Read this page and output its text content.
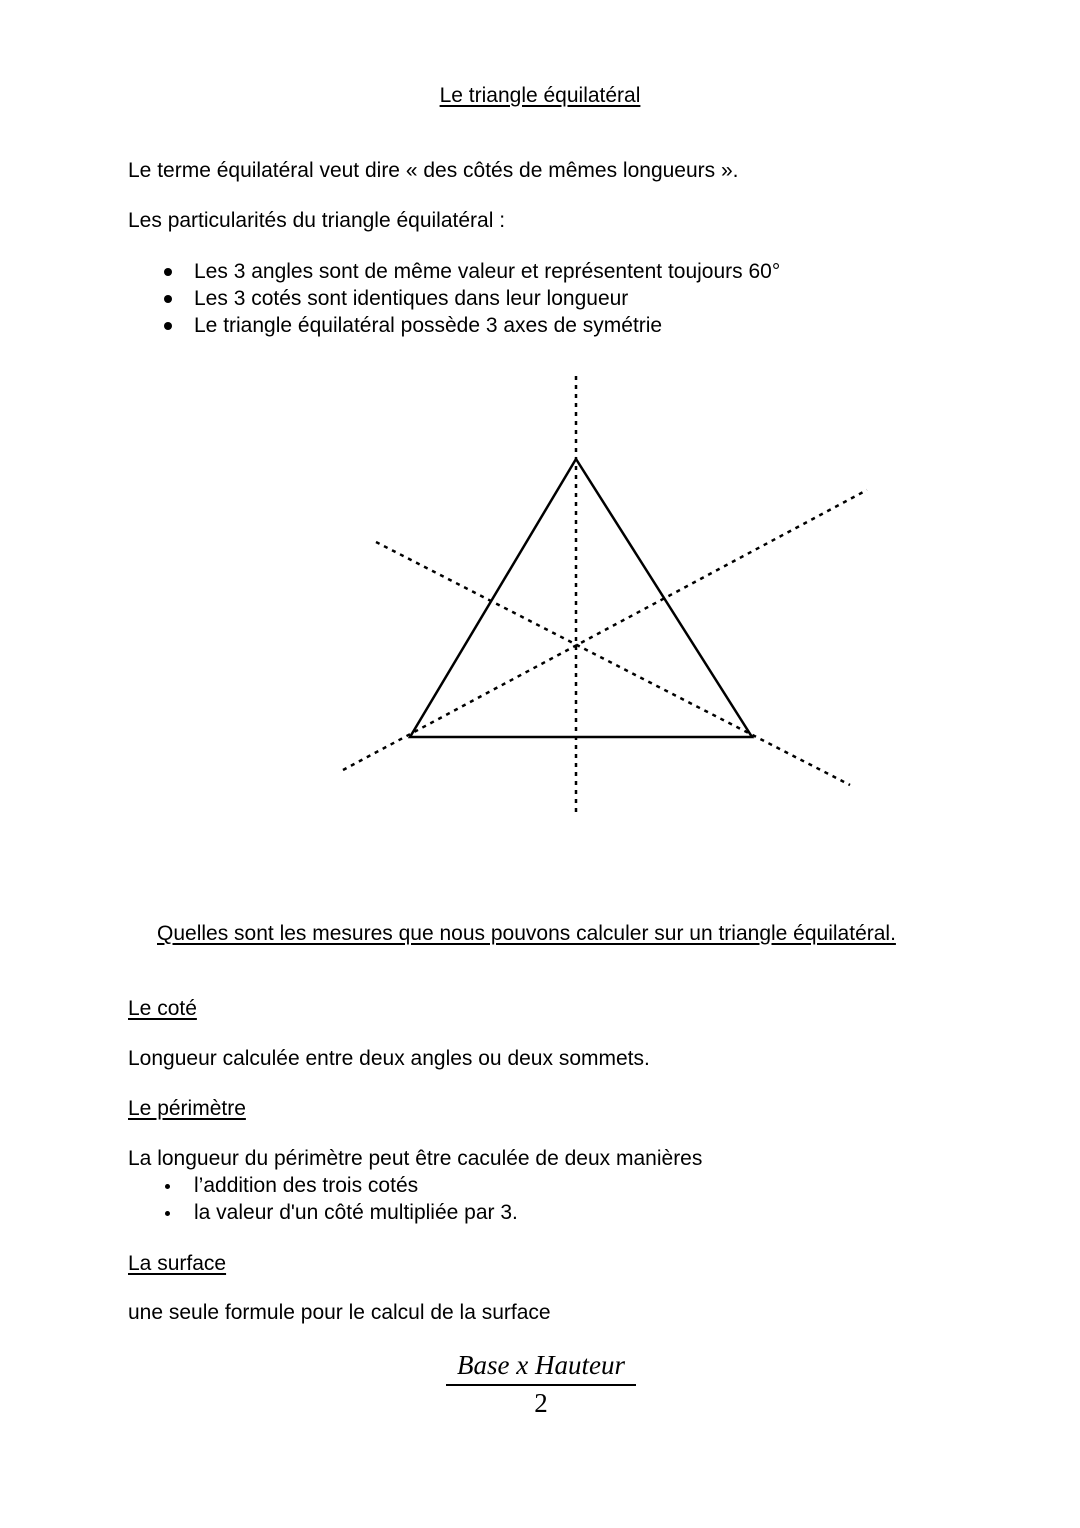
Le triangle équilatéral
Le terme équilatéral veut dire « des côtés de mêmes longueurs ».
Les particularités du triangle équilatéral :
Les 3 angles sont de même valeur et représentent toujours 60°
Les 3 cotés sont identiques dans leur longueur
Le triangle équilatéral possède 3 axes de symétrie
Quelles sont les mesures que nous pouvons calculer sur un triangle équilatéral.
Le coté
Longueur calculée entre deux angles ou deux sommets.
Le périmètre
La longueur du périmètre peut être caculée de deux manières
l’addition des trois cotés
la valeur d'un côté multipliée par 3.
La surface
une seule formule pour le calcul de la surface
Base x Hauteur
2
